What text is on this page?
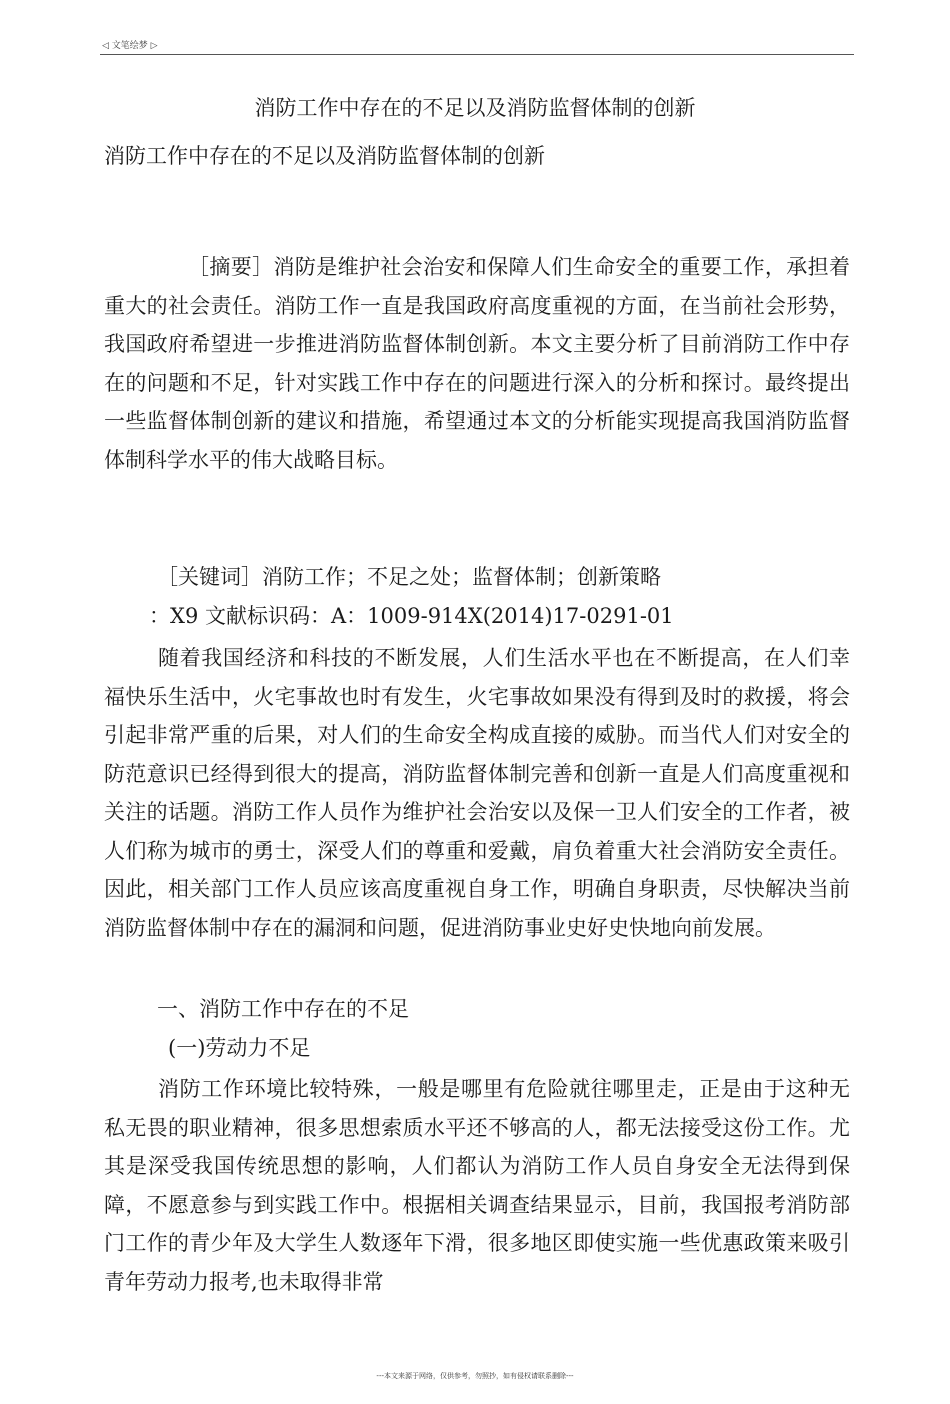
◁ 文笔绘梦 ▷
消防工作中存在的不足以及消防监督体制的创新
消防工作中存在的不足以及消防监督体制的创新

［摘要］消防是维护社会治安和保障人们生命安全的重要工作，承担着重大的社会责任。消防工作一直是我国政府高度重视的方面，在当前社会形势，我国政府希望进一步推进消防监督体制创新。本文主要分析了目前消防工作中存在的问题和不足，针对实践工作中存在的问题进行深入的分析和探讨。最终提出一些监督体制创新的建议和措施，希望通过本文的分析能实现提高我国消防监督体制科学水平的伟大战略目标。

［关键词］消防工作；不足之处；监督体制；创新策略
：X9 文献标识码：A：1009-914X(2014)17-0291-01

随着我国经济和科技的不断发展，人们生活水平也在不断提高，在人们幸福快乐生活中，火宅事故也时有发生，火宅事故如果没有得到及时的救援，将会引起非常严重的后果，对人们的生命安全构成直接的威胁。而当代人们对安全的防范意识已经得到很大的提高，消防监督体制完善和创新一直是人们高度重视和关注的话题。消防工作人员作为维护社会治安以及保一卫人们安全的工作者，被人们称为城市的勇士，深受人们的尊重和爱戴，肩负着重大社会消防安全责任。因此，相关部门工作人员应该高度重视自身工作，明确自身职责，尽快解决当前消防监督体制中存在的漏洞和问题，促进消防事业史好史快地向前发展。

一、消防工作中存在的不足
(一)劳动力不足

消防工作环境比较特殊，一般是哪里有危险就往哪里走，正是由于这种无私无畏的职业精神，很多思想索质水平还不够高的人，都无法接受这份工作。尤其是深受我国传统思想的影响，人们都认为消防工作人员自身安全无法得到保障，不愿意参与到实践工作中。根据相关调查结果显示，目前，我国报考消防部门工作的青少年及大学生人数逐年下滑，很多地区即使实施一些优惠政策来吸引青年劳动力报考,也未取得非常

---本文来源于网络，仅供参考，勿照抄，如有侵权请联系删除---
